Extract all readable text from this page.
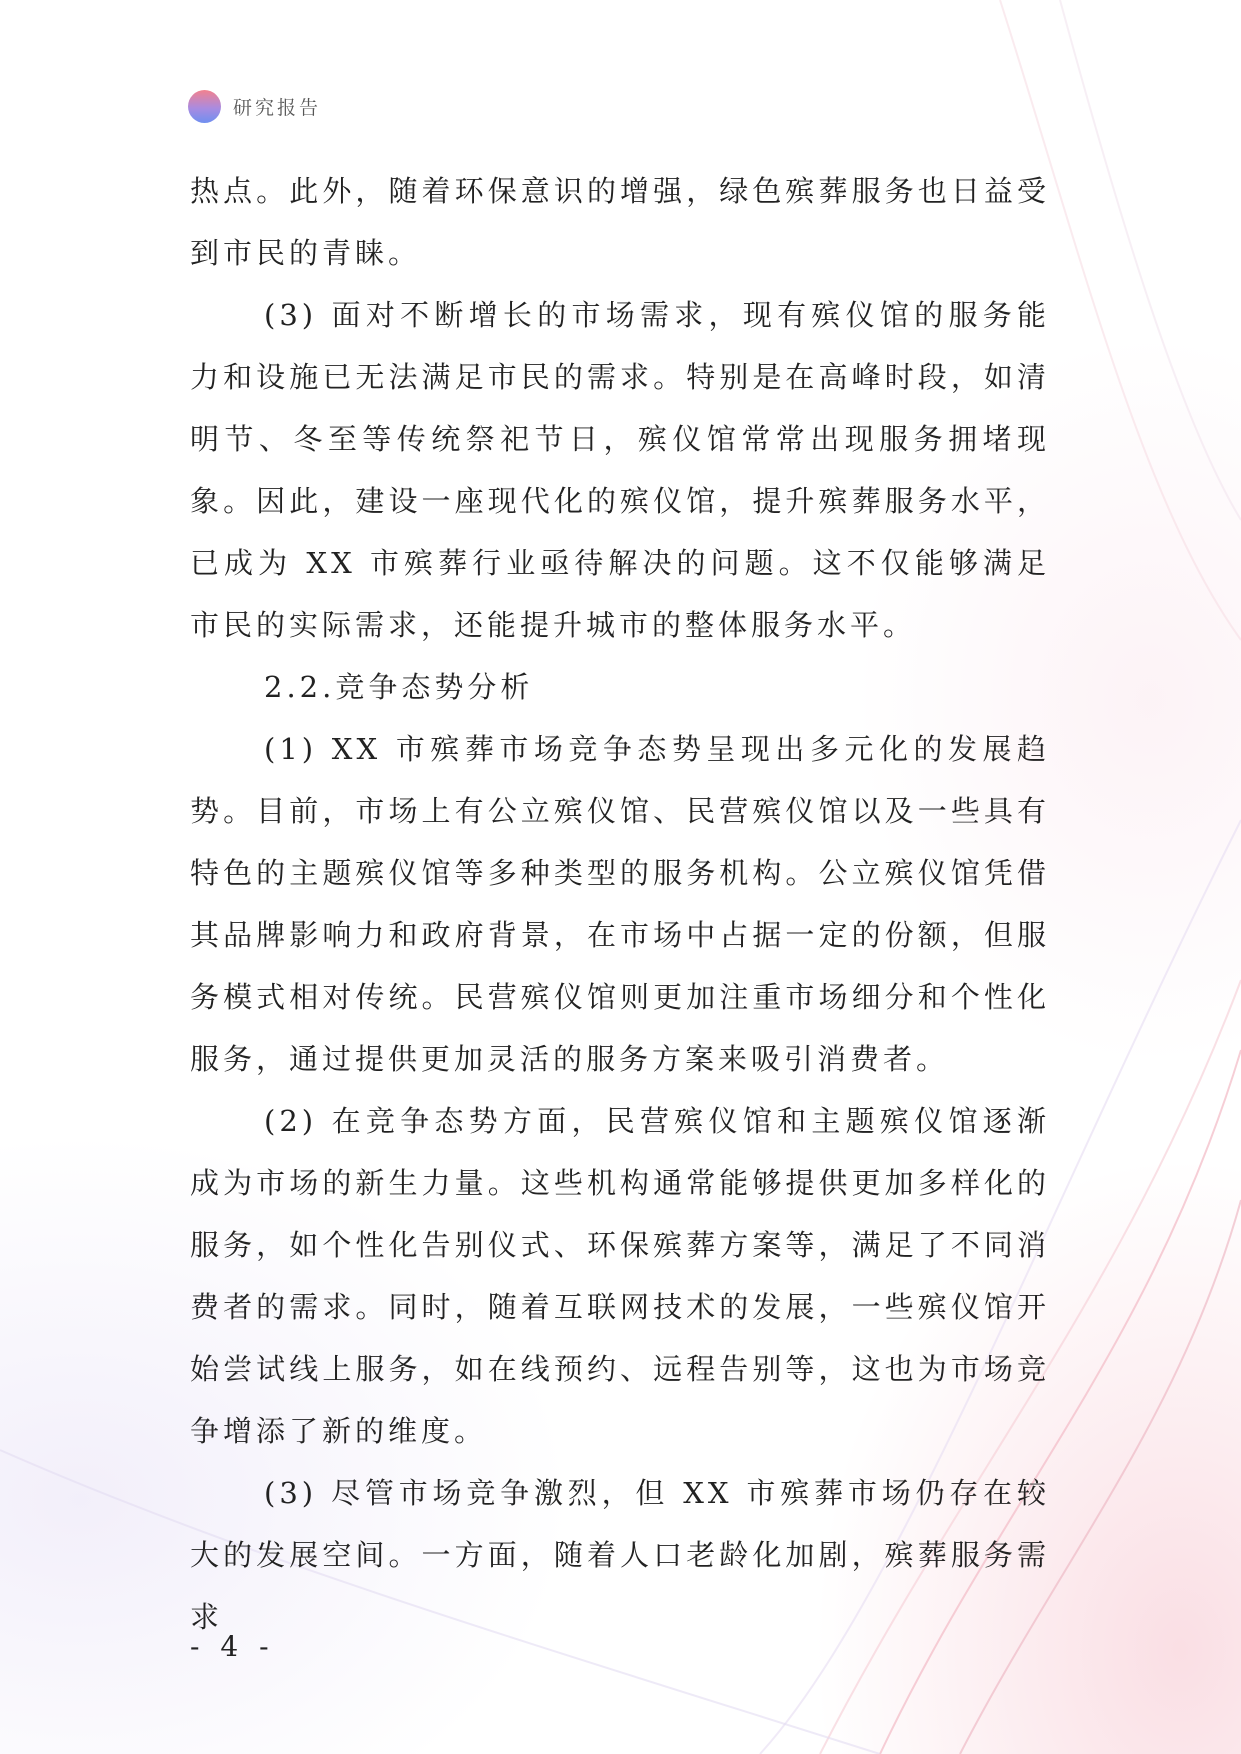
研究报告

热点。此外，随着环保意识的增强，绿色殡葬服务也日益受到市民的青睐。

(3) 面对不断增长的市场需求，现有殡仪馆的服务能力和设施已无法满足市民的需求。特别是在高峰时段，如清明节、冬至等传统祭祀节日，殡仪馆常常出现服务拥堵现象。因此，建设一座现代化的殡仪馆，提升殡葬服务水平，已成为 XX 市殡葬行业亟待解决的问题。这不仅能够满足市民的实际需求，还能提升城市的整体服务水平。

2.2.竞争态势分析

(1) XX 市殡葬市场竞争态势呈现出多元化的发展趋势。目前，市场上有公立殡仪馆、民营殡仪馆以及一些具有特色的主题殡仪馆等多种类型的服务机构。公立殡仪馆凭借其品牌影响力和政府背景，在市场中占据一定的份额，但服务模式相对传统。民营殡仪馆则更加注重市场细分和个性化服务，通过提供更加灵活的服务方案来吸引消费者。

(2) 在竞争态势方面，民营殡仪馆和主题殡仪馆逐渐成为市场的新生力量。这些机构通常能够提供更加多样化的服务，如个性化告别仪式、环保殡葬方案等，满足了不同消费者的需求。同时，随着互联网技术的发展，一些殡仪馆开始尝试线上服务，如在线预约、远程告别等，这也为市场竞争增添了新的维度。

(3) 尽管市场竞争激烈，但 XX 市殡葬市场仍存在较大的发展空间。一方面，随着人口老龄化加剧，殡葬服务需求

- 4 -
